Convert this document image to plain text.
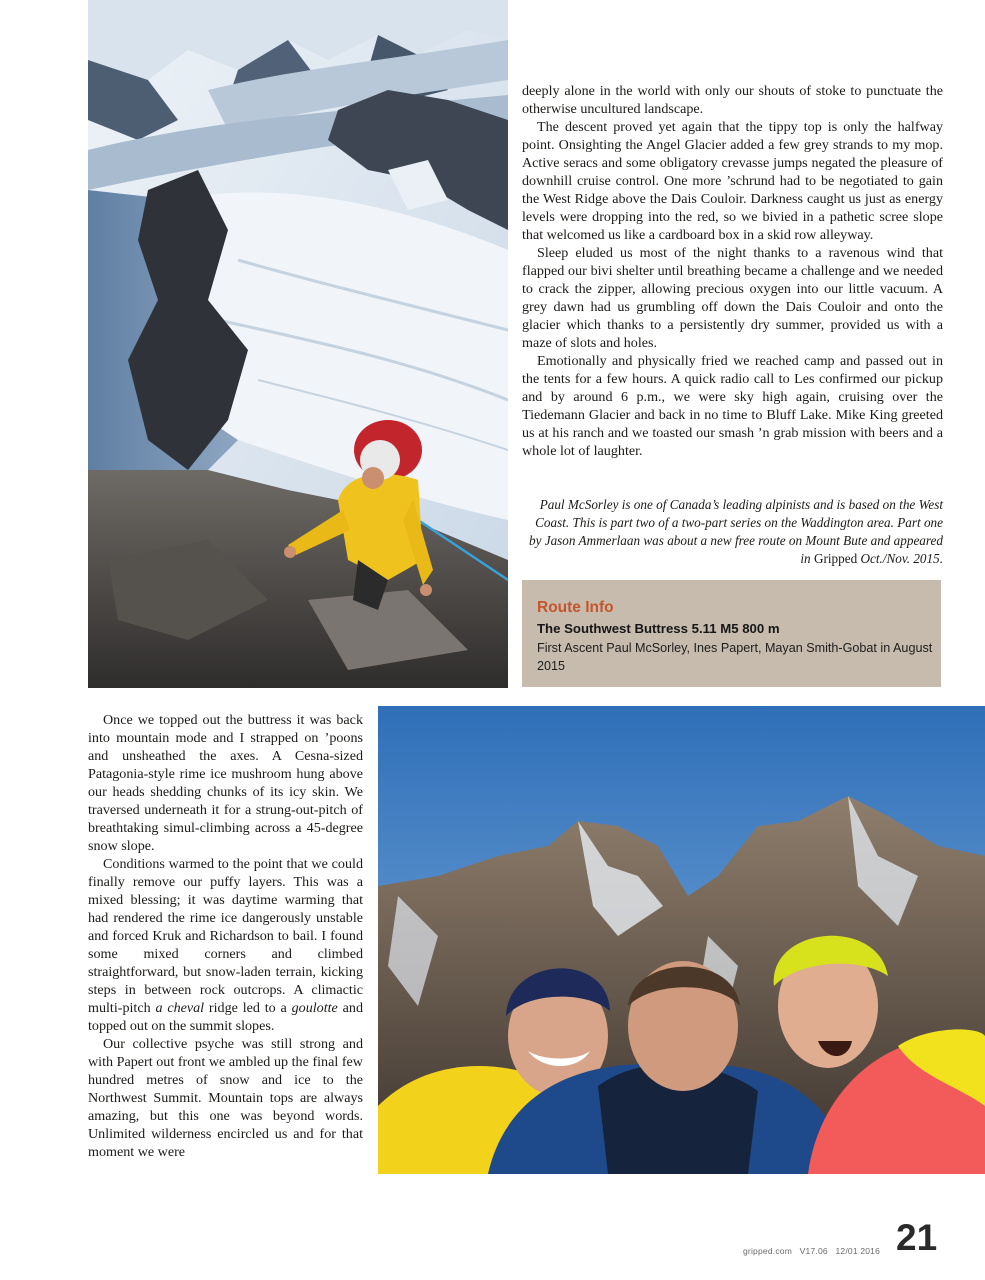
deeply alone in the world with only our shouts of stoke to punctuate the otherwise uncultured landscape.

The descent proved yet again that the tippy top is only the halfway point. Onsighting the Angel Glacier added a few grey strands to my mop. Active seracs and some obligatory crevasse jumps negated the pleasure of downhill cruise control. One more ’schrund had to be negotiated to gain the West Ridge above the Dais Couloir. Darkness caught us just as energy levels were dropping into the red, so we bivied in a pathetic scree slope that welcomed us like a cardboard box in a skid row alleyway.

Sleep eluded us most of the night thanks to a ravenous wind that flapped our bivi shelter until breathing became a challenge and we needed to crack the zipper, allowing precious oxygen into our little vacuum. A grey dawn had us grumbling off down the Dais Couloir and onto the glacier which thanks to a persistently dry summer, provided us with a maze of slots and holes.

Emotionally and physically fried we reached camp and passed out in the tents for a few hours. A quick radio call to Les confirmed our pickup and by around 6 p.m., we were sky high again, cruising over the Tiedemann Glacier and back in no time to Bluff Lake. Mike King greeted us at his ranch and we toasted our smash ’n grab mission with beers and a whole lot of laughter.

Paul McSorley is one of Canada’s leading alpinists and is based on the West Coast. This is part two of a two-part series on the Waddington area. Part one by Jason Ammerlaan was about a new free route on Mount Bute and appeared in Gripped Oct./Nov. 2015.
Route Info
The Southwest Buttress 5.11 M5 800 m
First Ascent Paul McSorley, Ines Papert, Mayan Smith-Gobat in August 2015

Once we topped out the buttress it was back into mountain mode and I strapped on ’poons and unsheathed the axes. A Cesna-sized Patagonia-style rime ice mushroom hung above our heads shedding chunks of its icy skin. We traversed underneath it for a strung-out-pitch of breathtaking simul-climbing across a 45-degree snow slope.

Conditions warmed to the point that we could finally remove our puffy layers. This was a mixed blessing; it was daytime warming that had rendered the rime ice dangerously unstable and forced Kruk and Richardson to bail. I found some mixed corners and climbed straightforward, but snow-laden terrain, kicking steps in between rock outcrops. A climactic multi-pitch a cheval ridge led to a goulotte and topped out on the summit slopes.

Our collective psyche was still strong and with Papert out front we ambled up the final few hundred metres of snow and ice to the Northwest Summit. Mountain tops are always amazing, but this one was beyond words. Unlimited wilderness encircled us and for that moment we were

gripped.com V17.06 12/01 2016 21
